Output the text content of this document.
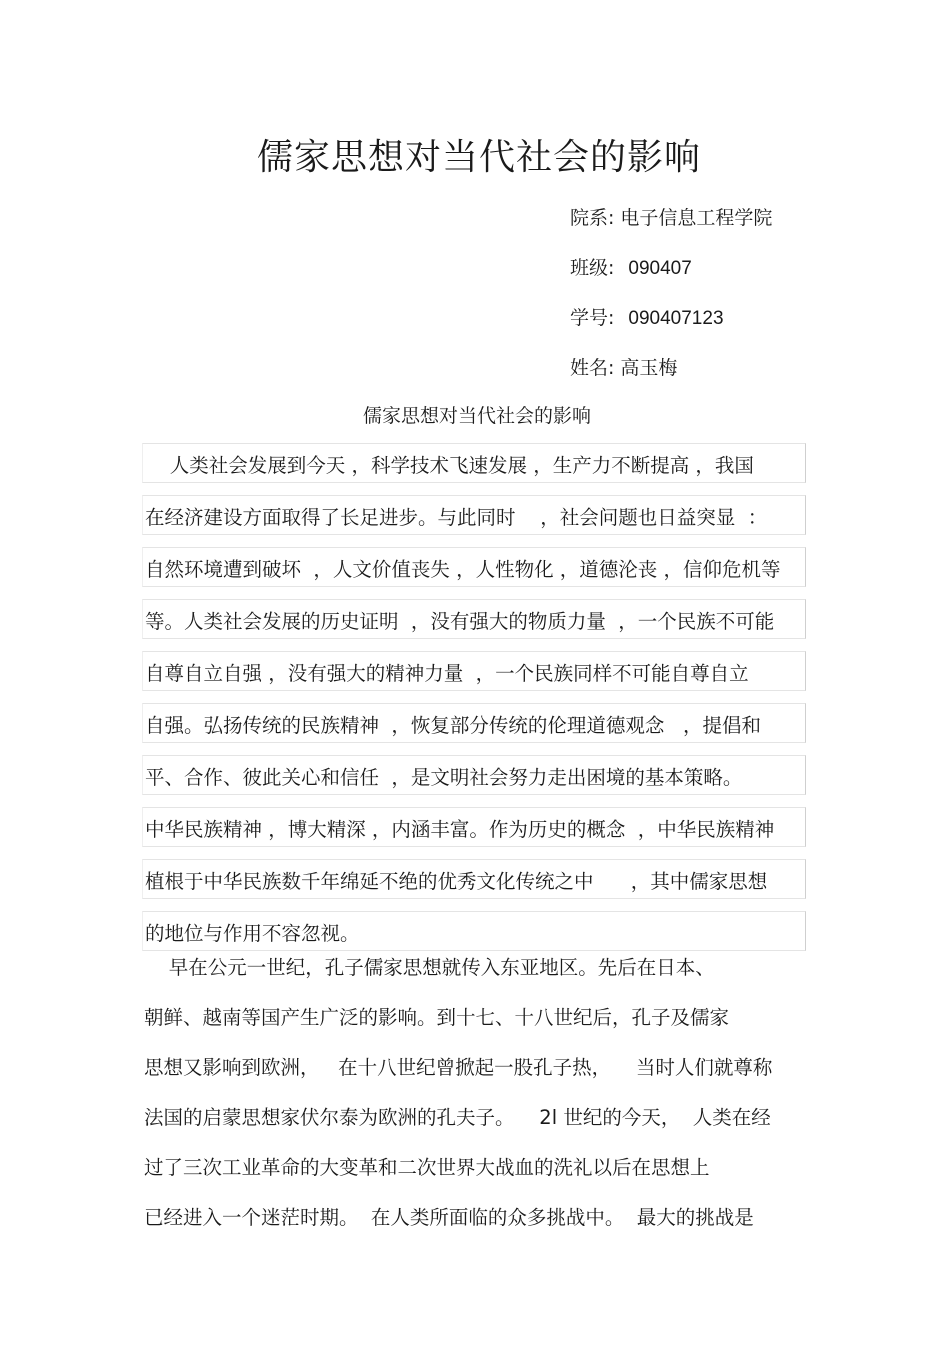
儒家思想对当代社会的影响
院系: 电子信息工程学院
班级: 090407
学号: 090407123
姓名: 高玉梅
儒家思想对当代社会的影响
人类社会发展到今天 ，科学技术飞速发展 ，生产力不断提高 ，我国
在经济建设方面取得了长足进步。与此同时    ，社会问题也日益突显  ：
自然环境遭到破坏  ，人文价值丧失 ，人性物化 ，道德沦丧 ，信仰危机等
等。人类社会发展的历史证明  ，没有强大的物质力量  ，一个民族不可能
自尊自立自强 ，没有强大的精神力量  ，一个民族同样不可能自尊自立
自强。弘扬传统的民族精神  ，恢复部分传统的伦理道德观念   ，提倡和
平、合作、彼此关心和信任  ，是文明社会努力走出困境的基本策略。
中华民族精神 ，博大精深 ，内涵丰富。作为历史的概念  ，中华民族精神
植根于中华民族数千年绵延不绝的优秀文化传统之中      ，其中儒家思想
的地位与作用不容忽视。
早在公元一世纪，孔子儒家思想就传入东亚地区。先后在日本、
朝鲜、越南等国产生广泛的影响。到十七、十八世纪后，孔子及儒家
思想又影响到欧洲，   在十八世纪曾掀起一股孔子热，    当时人们就尊称
法国的启蒙思想家伏尔泰为欧洲的孔夫子。    2l 世纪的今天，  人类在经
过了三次工业革命的大变革和二次世界大战血的洗礼以后在思想上
已经进入一个迷茫时期。  在人类所面临的众多挑战中。  最大的挑战是
